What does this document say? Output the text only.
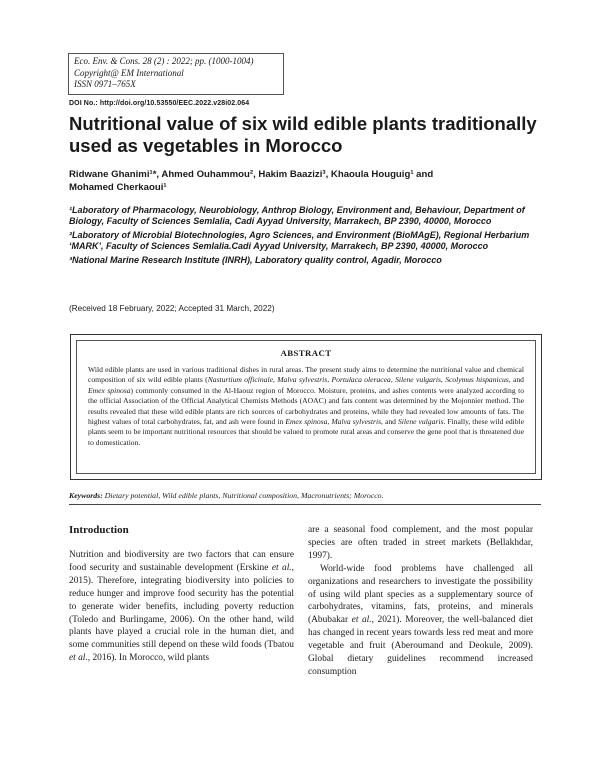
Eco. Env. & Cons. 28 (2) : 2022; pp. (1000-1004)
Copyright@ EM International
ISSN 0971–765X
DOI No.: http://doi.org/10.53550/EEC.2022.v28i02.064
Nutritional value of six wild edible plants traditionally used as vegetables in Morocco
Ridwane Ghanimi¹*, Ahmed Ouhammou², Hakim Baazizi³, Khaoula Houguig¹ and
Mohamed Cherkaoui¹

¹Laboratory of Pharmacology, Neurobiology, Anthrop Biology, Environment and, Behaviour, Department of Biology, Faculty of Sciences Semlalia, Cadi Ayyad University, Marrakech, BP 2390, 40000, Morocco

²Laboratory of Microbial Biotechnologies, Agro Sciences, and Environment (BioMAgE), Regional Herbarium ‘MARK’, Faculty of Sciences Semlalia.Cadi Ayyad University, Marrakech, BP 2390, 40000, Morocco

³National Marine Research Institute (INRH), Laboratory quality control, Agadir, Morocco

(Received 18 February, 2022; Accepted 31 March, 2022)
ABSTRACT
Wild edible plants are used in various traditional dishes in rural areas. The present study aims to determine the nutritional value and chemical composition of six wild edible plants (Nasturtium officinale, Malva sylvestris, Portulaca oleracea, Silene vulgaris, Scolymus hispanicus, and Emex spinosa) commonly consumed in the Al-Haouz region of Morocco. Moisture, proteins, and ashes contents were analyzed according to the official Association of the Official Analytical Chemists Methods (AOAC) and fats content was determined by the Mojonnier method. The results revealed that these wild edible plants are rich sources of carbohydrates and proteins, while they had revealed low amounts of fats. The highest values of total carbohydrates, fat, and ash were found in Emex spinosa, Malva sylvestris, and Silene vulgaris. Finally, these wild edible plants seem to be important nutritional resources that should be valued to promote rural areas and conserve the gene pool that is threatened due to domestication.
Keywords: Dietary potential, Wild edible plants, Nutritional composition, Macronutrients; Morocco.
Introduction

Nutrition and biodiversity are two factors that can ensure food security and sustainable development (Erskine et al., 2015). Therefore, integrating biodiversity into policies to reduce hunger and improve food security has the potential to generate wider benefits, including poverty reduction (Toledo and Burlingame, 2006). On the other hand, wild plants have played a crucial role in the human diet, and some communities still depend on these wild foods (Tbatou et al., 2016). In Morocco, wild plants

are a seasonal food complement, and the most popular species are often traded in street markets (Bellakhdar, 1997).

World-wide food problems have challenged all organizations and researchers to investigate the possibility of using wild plant species as a supplementary source of carbohydrates, vitamins, fats, proteins, and minerals (Abubakar et al., 2021). Moreover, the well-balanced diet has changed in recent years towards less red meat and more vegetable and fruit (Aberoumand and Deokule, 2009). Global dietary guidelines recommend increased consumption
